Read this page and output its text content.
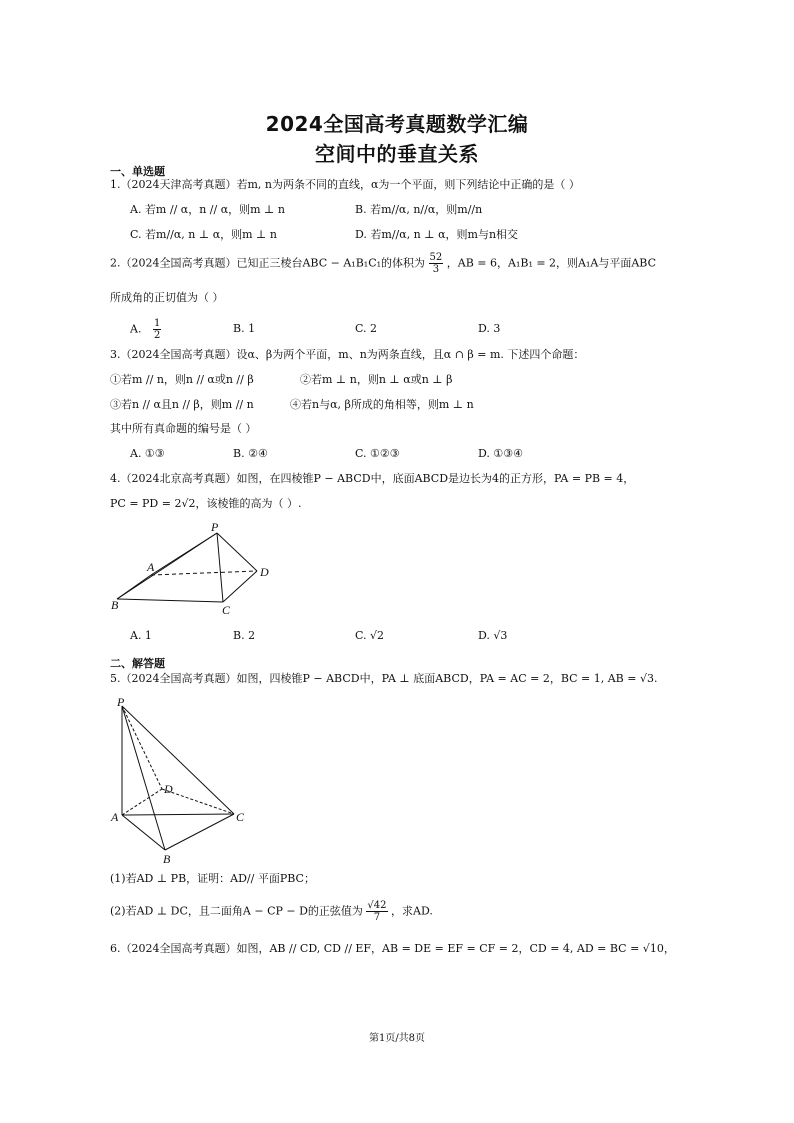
2024全国高考真题数学汇编
空间中的垂直关系
一、单选题
1.（2024天津高考真题）若m, n为两条不同的直线，α为一个平面，则下列结论中正确的是（ ）
A. 若m // α，n // α，则m ⊥ n	B. 若m//α, n//α，则m//n
C. 若m//α, n ⊥ α，则m ⊥ n	D. 若m//α, n ⊥ α，则m与n相交
2.（2024全国高考真题）已知正三棱台ABC − A₁B₁C₁的体积为 $\frac{52}{3}$ ，AB = 6，A₁B₁ = 2，则A₁A与平面ABC
所成角的正切值为（ ）
A. $\frac{1}{2}$	B. 1	C. 2	D. 3
3.（2024全国高考真题）设α、β为两个平面，m、n为两条直线，且α ∩ β = m. 下述四个命题：
①若m // n，则n // α或n // β	②若m ⊥ n，则n ⊥ α或n ⊥ β
③若n // α且n // β，则m // n	④若n与α, β所成的角相等，则m ⊥ n
其中所有真命题的编号是（ ）
A. ①③	B. ②④	C. ①②③	D. ①③④
4.（2024北京高考真题）如图，在四棱锥P − ABCD中，底面ABCD是边长为4的正方形，PA = PB = 4，
PC = PD = 2√2，该棱锥的高为（ ）.
P
A	D
B	C
A. 1	B. 2	C. √2	D. √3
二、解答题
5.（2024全国高考真题）如图，四棱锥P − ABCD中，PA ⊥ 底面ABCD，PA = AC = 2，BC = 1, AB = √3.
P
D
A	C
B
(1)若AD ⊥ PB，证明：AD// 平面PBC；
(2)若AD ⊥ DC，且二面角A − CP − D的正弦值为 $\frac{√42}{7}$ ，求AD.
6.（2024全国高考真题）如图，AB // CD, CD // EF，AB = DE = EF = CF = 2，CD = 4, AD = BC = √10，
第1页/共8页
